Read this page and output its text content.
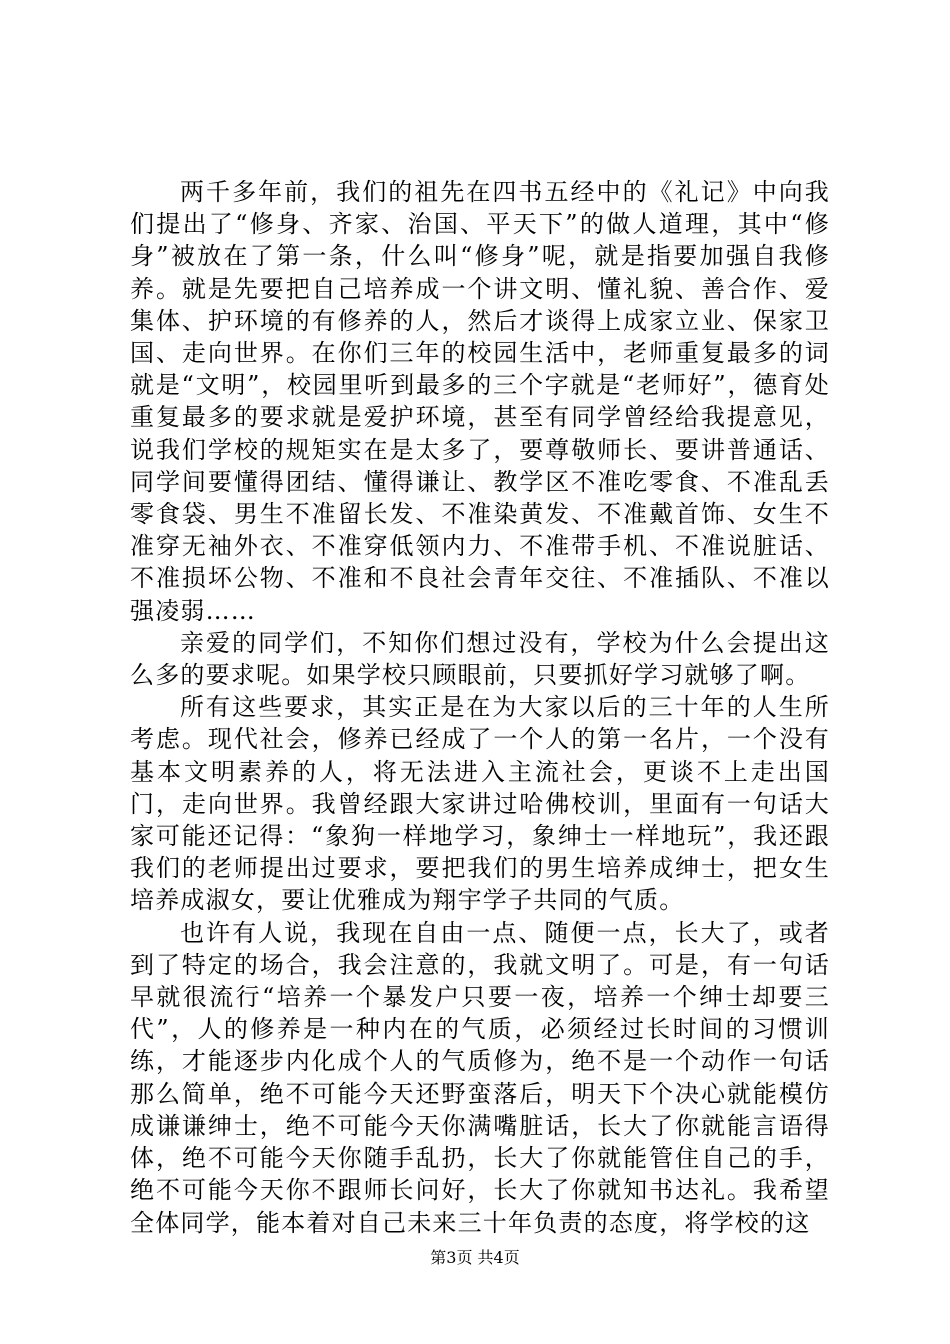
两千多年前，我们的祖先在四书五经中的《礼记》中向我们提出了“修身、齐家、治国、平天下”的做人道理，其中“修身”被放在了第一条，什么叫“修身”呢，就是指要加强自我修养。就是先要把自己培养成一个讲文明、懂礼貌、善合作、爱集体、护环境的有修养的人，然后才谈得上成家立业、保家卫国、走向世界。在你们三年的校园生活中，老师重复最多的词就是“文明”，校园里听到最多的三个字就是“老师好”，德育处重复最多的要求就是爱护环境，甚至有同学曾经给我提意见，说我们学校的规矩实在是太多了，要尊敬师长、要讲普通话、同学间要懂得团结、懂得谦让、教学区不准吃零食、不准乱丢零食袋、男生不准留长发、不准染黄发、不准戴首饰、女生不准穿无袖外衣、不准穿低领内力、不准带手机、不准说脏话、不准损坏公物、不准和不良社会青年交往、不准插队、不准以强凌弱……

亲爱的同学们，不知你们想过没有，学校为什么会提出这么多的要求呢。如果学校只顾眼前，只要抓好学习就够了啊。

所有这些要求，其实正是在为大家以后的三十年的人生所考虑。现代社会，修养已经成了一个人的第一名片，一个没有基本文明素养的人，将无法进入主流社会，更谈不上走出国门，走向世界。我曾经跟大家讲过哈佛校训，里面有一句话大家可能还记得：“象狗一样地学习，象绅士一样地玩”，我还跟我们的老师提出过要求，要把我们的男生培养成绅士，把女生培养成淑女，要让优雅成为翔宇学子共同的气质。

也许有人说，我现在自由一点、随便一点，长大了，或者到了特定的场合，我会注意的，我就文明了。可是，有一句话早就很流行“培养一个暴发户只要一夜，培养一个绅士却要三代”，人的修养是一种内在的气质，必须经过长时间的习惯训练，才能逐步内化成个人的气质修为，绝不是一个动作一句话那么简单，绝不可能今天还野蛮落后，明天下个决心就能模仿成谦谦绅士，绝不可能今天你满嘴脏话，长大了你就能言语得体，绝不可能今天你随手乱扔，长大了你就能管住自己的手，绝不可能今天你不跟师长问好，长大了你就知书达礼。我希望全体同学，能本着对自己未来三十年负责的态度，将学校的这

第3页 共4页
